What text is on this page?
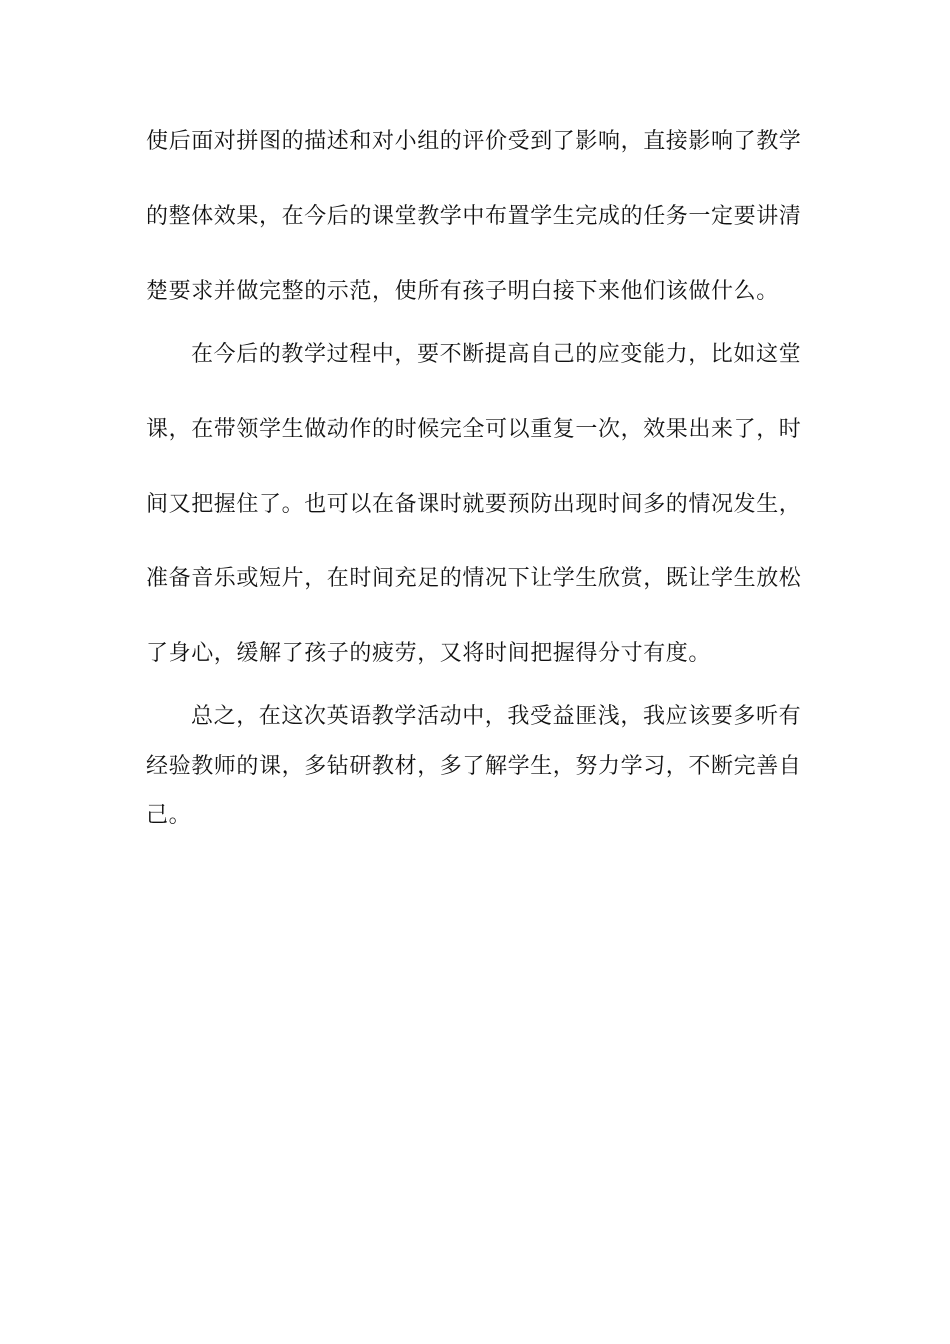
使后面对拼图的描述和对小组的评价受到了影响，直接影响了教学
的整体效果，在今后的课堂教学中布置学生完成的任务一定要讲清
楚要求并做完整的示范，使所有孩子明白接下来他们该做什么。
在今后的教学过程中，要不断提高自己的应变能力，比如这堂
课，在带领学生做动作的时候完全可以重复一次，效果出来了，时
间又把握住了。也可以在备课时就要预防出现时间多的情况发生，
准备音乐或短片，在时间充足的情况下让学生欣赏，既让学生放松
了身心，缓解了孩子的疲劳，又将时间把握得分寸有度。
总之，在这次英语教学活动中，我受益匪浅，我应该要多听有
经验教师的课，多钻研教材，多了解学生，努力学习，不断完善自
己。
